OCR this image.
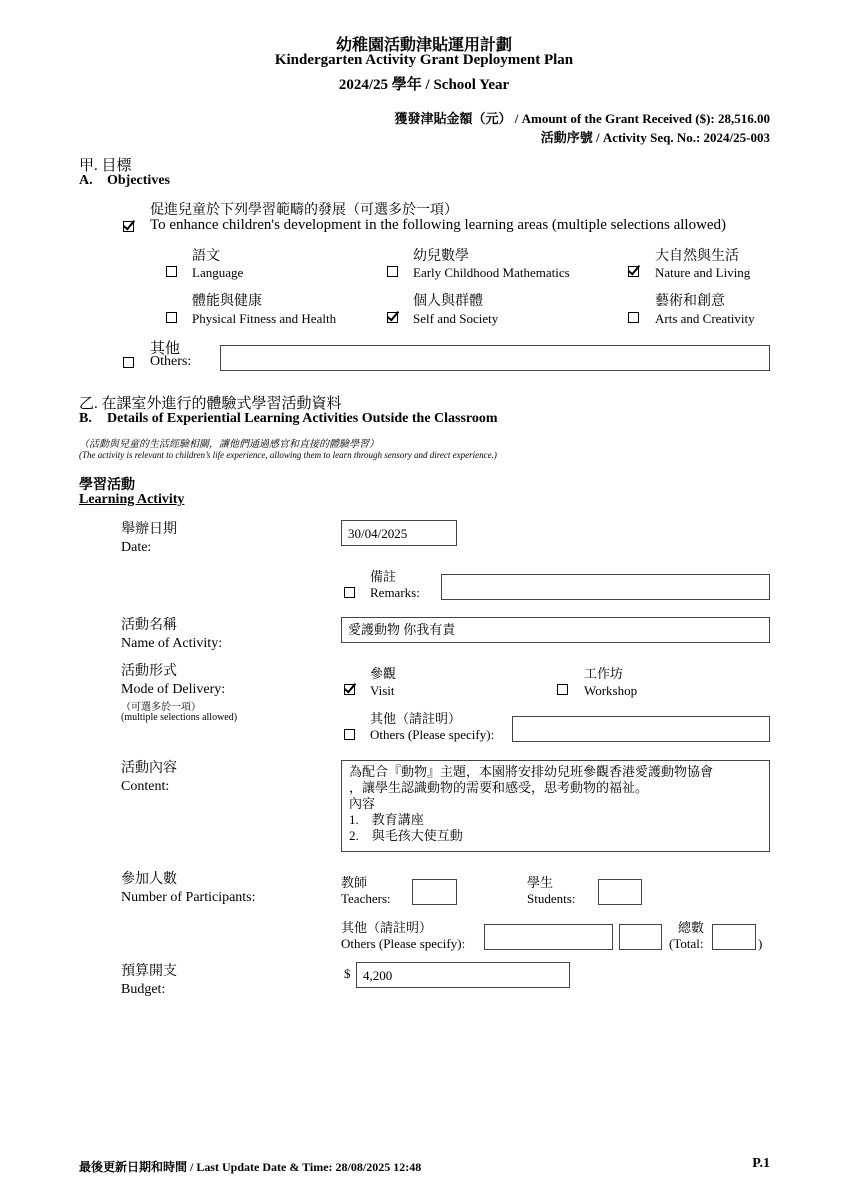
幼稚園活動津貼運用計劃
Kindergarten Activity Grant Deployment Plan
2024/25 學年 / School Year
獲發津貼金額（元） / Amount of the Grant Received ($): 28,516.00
活動序號 / Activity Seq. No.: 2024/25-003
甲. 目標
A. Objectives
促進兒童於下列學習範疇的發展（可選多於一項）
To enhance children's development in the following learning areas (multiple selections allowed)
語文
Language
幼兒數學
Early Childhood Mathematics
大自然與生活
Nature and Living
體能與健康
Physical Fitness and Health
個人與群體
Self and Society
藝術和創意
Arts and Creativity
其他
Others:
乙. 在課室外進行的體驗式學習活動資料
B. Details of Experiential Learning Activities Outside the Classroom
（活動與兒童的生活經驗相關，讓他們通過感官和直接的體驗學習）
(The activity is relevant to children’s life experience, allowing them to learn through sensory and direct experience.)
學習活動
Learning Activity
舉辦日期
Date:
30/04/2025
備註
Remarks:
活動名稱
Name of Activity:
愛護動物 你我有責
活動形式
Mode of Delivery:
（可選多於一項）
(multiple selections allowed)
參觀
Visit
工作坊
Workshop
其他（請註明）
Others (Please specify):
活動內容
Content:
為配合『動物』主題，本園將安排幼兒班參觀香港愛護動物協會
，讓學生認識動物的需要和感受，思考動物的福祉。
內容
1.　教育講座
2.　與毛孩大使互動
參加人數
Number of Participants:
教師
Teachers:
學生
Students:
其他（請註明）
Others (Please specify):
總數
(Total:	)
預算開支
Budget:
$ 4,200
最後更新日期和時間 / Last Update Date & Time: 28/08/2025 12:48	P.1
